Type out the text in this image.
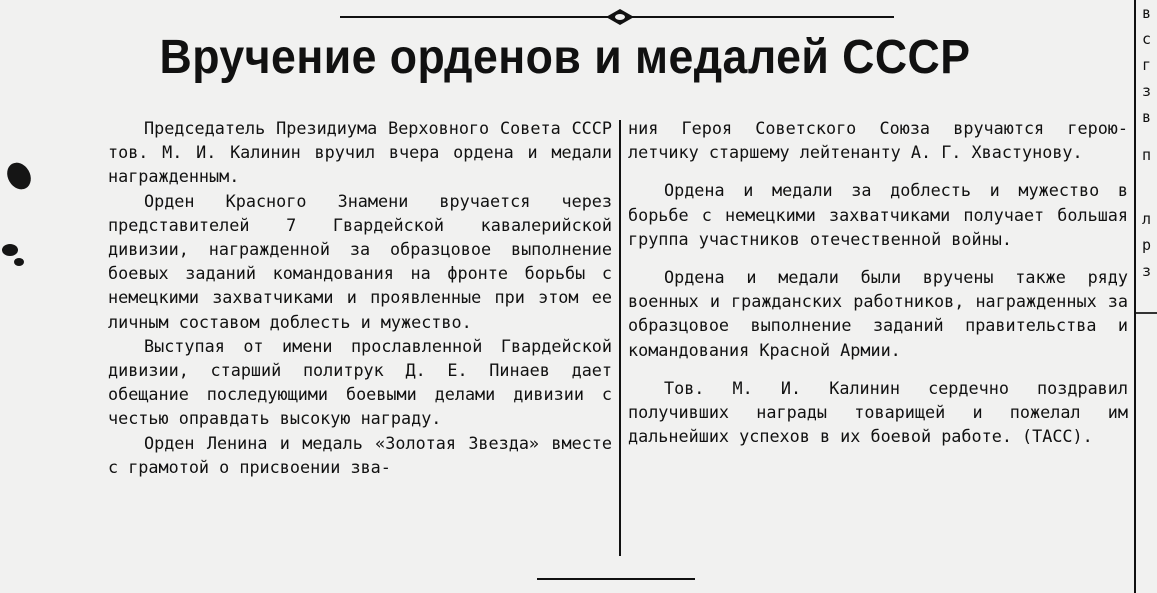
Вручение орденов и медалей СССР

Председатель Президиума Верховного Совета СССР тов. М. И. Калинин вручил вчера ордена и медали награжденным.

Орден Красного Знамени вручается через представителей 7 Гвардейской кавалерийской дивизии, награжденной за образцовое выполнение боевых заданий командования на фронте борьбы с немецкими захватчиками и проявленные при этом ее личным составом доблесть и мужество.

Выступая от имени прославленной Гвардейской дивизии, старший политрук Д. Е. Пинаев дает обещание последующими боевыми делами дивизии с честью оправдать высокую награду.

Орден Ленина и медаль «Золотая Звезда» вместе с грамотой о присвоении зва-

ния Героя Советского Союза вручаются герою-летчику старшему лейтенанту А. Г. Хвастунову.

Ордена и медали за доблесть и мужество в борьбе с немецкими захватчиками получает большая группа участников отечественной войны.

Ордена и медали были вручены также ряду военных и гражданских работников, награжденных за образцовое выполнение заданий правительства и командования Красной Армии.

Тов. М. И. Калинин сердечно поздравил получивших награды товарищей и пожелал им дальнейших успехов в их боевой работе. (ТАСС).

в
с
г
з
в
п
л
р
з
